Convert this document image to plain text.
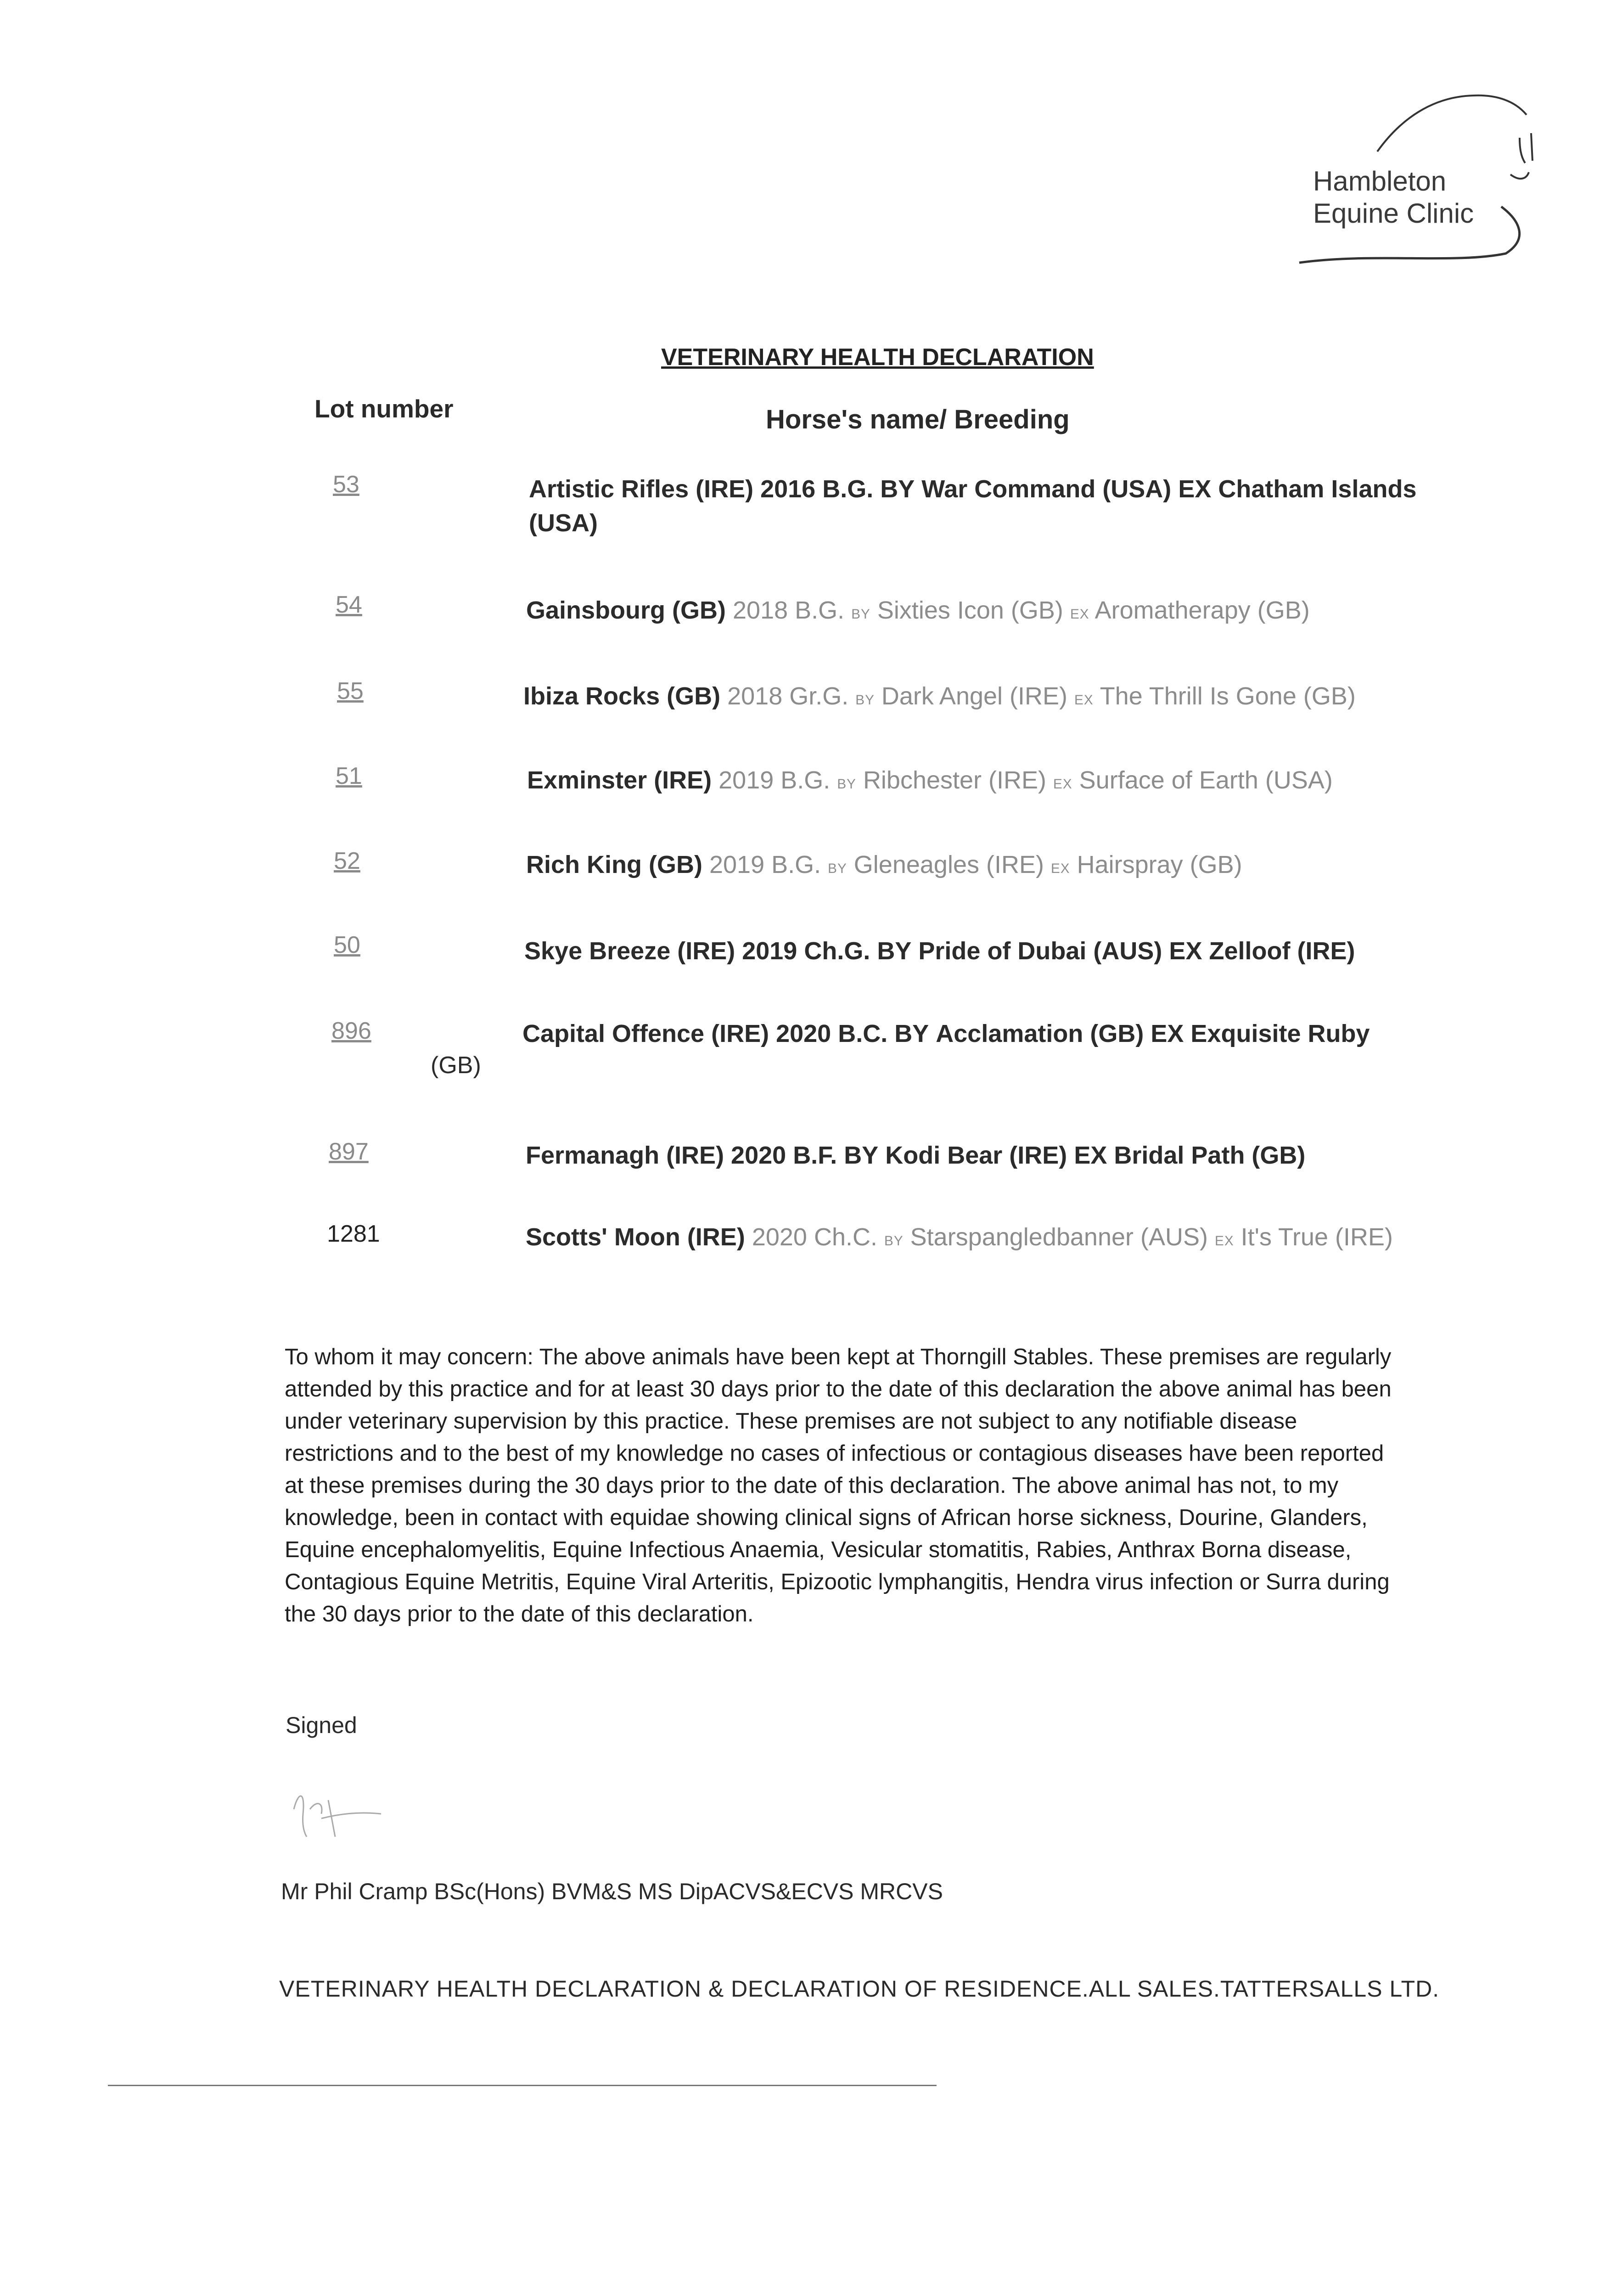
Hambleton
Equine Clinic
VETERINARY HEALTH DECLARATION
Lot number	Horse's name/ Breeding
53
54
55
51
52
50
896
897
1281
Artistic Rifles (IRE) 2016 B.G. BY War Command (USA) EX Chatham Islands
(USA)
Gainsbourg (GB) 2018 B.G. BY Sixties Icon (GB) EX Aromatherapy (GB)
Ibiza Rocks (GB) 2018 Gr.G. BY Dark Angel (IRE) EX The Thrill Is Gone (GB)
Exminster (IRE) 2019 B.G. BY Ribchester (IRE) EX Surface of Earth (USA)
Rich King (GB) 2019 B.G. BY Gleneagles (IRE) EX Hairspray (GB)
Skye Breeze (IRE) 2019 Ch.G. BY Pride of Dubai (AUS) EX Zelloof (IRE)
Capital Offence (IRE) 2020 B.C. BY Acclamation (GB) EX Exquisite Ruby
(GB)
Fermanagh (IRE) 2020 B.F. BY Kodi Bear (IRE) EX Bridal Path (GB)
Scotts' Moon (IRE) 2020 Ch.C. BY Starspangledbanner (AUS) EX It's True (IRE)
To whom it may concern: The above animals have been kept at Thorngill Stables. These premises are regularly attended by this practice and for at least 30 days prior to the date of this declaration the above animal has been under veterinary supervision by this practice. These premises are not subject to any notifiable disease restrictions and to the best of my knowledge no cases of infectious or contagious diseases have been reported at these premises during the 30 days prior to the date of this declaration. The above animal has not, to my knowledge, been in contact with equidae showing clinical signs of African horse sickness, Dourine, Glanders, Equine encephalomyelitis, Equine Infectious Anaemia, Vesicular stomatitis, Rabies, Anthrax Borna disease, Contagious Equine Metritis, Equine Viral Arteritis, Epizootic lymphangitis, Hendra virus infection or Surra during the 30 days prior to the date of this declaration.
Signed
Mr Phil Cramp BSc(Hons) BVM&S MS DipACVS&ECVS MRCVS
VETERINARY HEALTH DECLARATION & DECLARATION OF RESIDENCE.ALL SALES.TATTERSALLS LTD.
